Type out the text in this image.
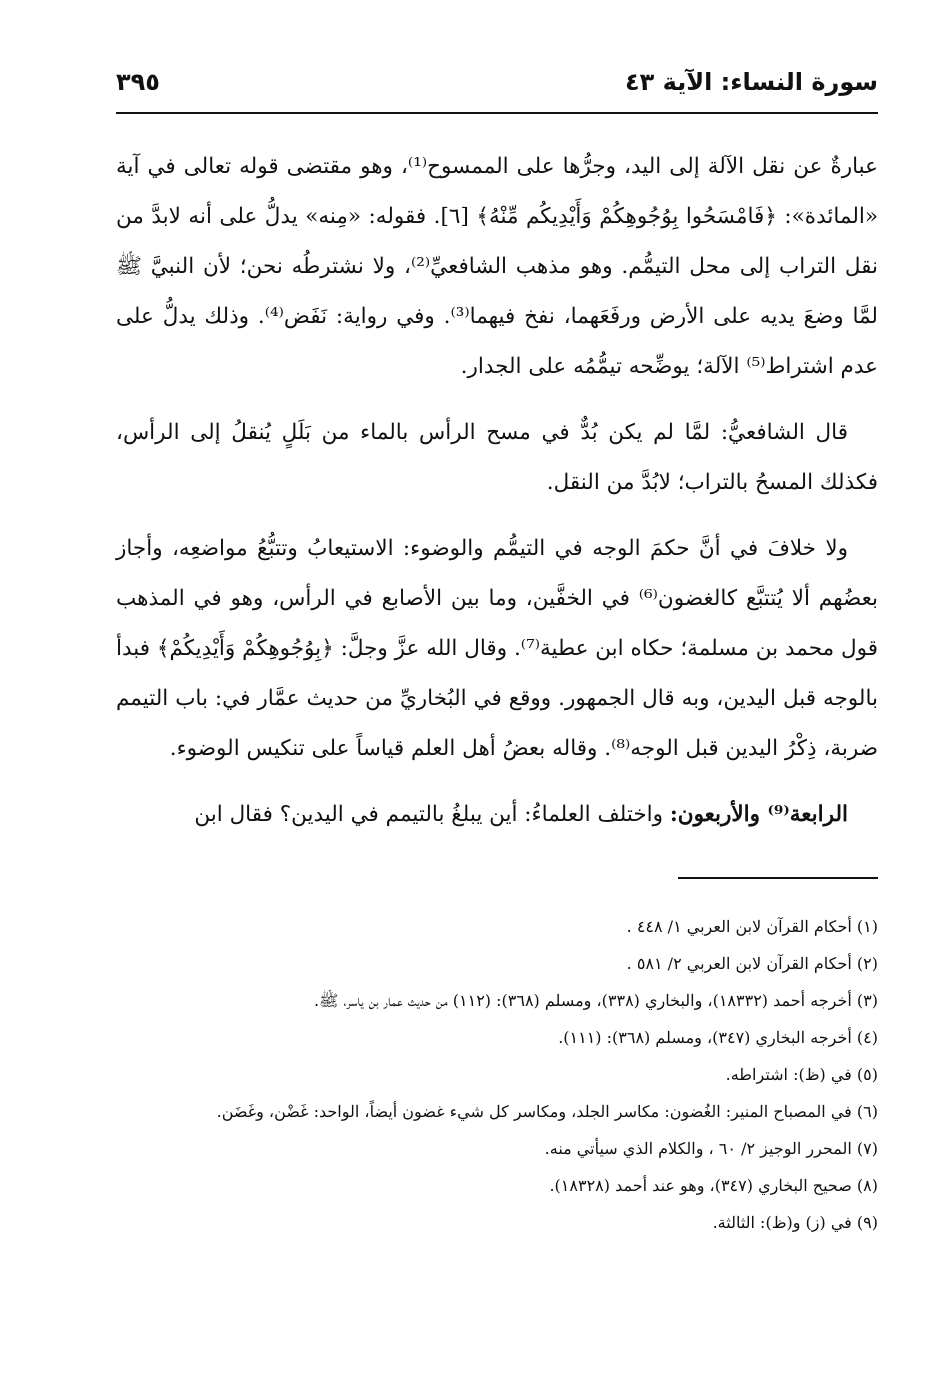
سورة النساء: الآية ٤٣
٣٩٥

عبارةٌ عن نقل الآلة إلى اليد، وجرُّها على الممسوح⁽¹⁾، وهو مقتضى قوله تعالى في آية «المائدة»: ﴿فَامْسَحُوا بِوُجُوهِكُمْ وَأَيْدِيكُم مِّنْهُ﴾ [٦]. فقوله: «مِنه» يدلُّ على أنه لابدَّ من نقل التراب إلى محل التيمُّم. وهو مذهب الشافعيِّ⁽²⁾، ولا نشترطُه نحن؛ لأن النبيَّ ﷺ لمَّا وضعَ يديه على الأرض ورفَعَهما، نفخ فيهما⁽³⁾. وفي رواية: نَفَض⁽⁴⁾. وذلك يدلُّ على عدم اشتراط⁽⁵⁾ الآلة؛ يوضِّحه تيمُّمُه على الجدار.

قال الشافعيُّ: لمَّا لم يكن بُدٌّ في مسح الرأس بالماء من بَلَلٍ يُنقلُ إلى الرأس، فكذلك المسحُ بالتراب؛ لابُدَّ من النقل.

ولا خلافَ في أنَّ حكمَ الوجه في التيمُّم والوضوء: الاستيعابُ وتتبُّعُ مواضعِه، وأجاز بعضُهم ألا يُتتبَّع كالغضون⁽⁶⁾ في الخفَّين، وما بين الأصابع في الرأس، وهو في المذهب قول محمد بن مسلمة؛ حكاه ابن عطية⁽⁷⁾. وقال الله عزَّ وجلَّ: ﴿بِوُجُوهِكُمْ وَأَيْدِيكُمْ﴾ فبدأ بالوجه قبل اليدين، وبه قال الجمهور. ووقع في البُخاريِّ من حديث عمَّار في: باب التيمم ضربة، ذِكْرُ اليدين قبل الوجه⁽⁸⁾. وقاله بعضُ أهل العلم قياساً على تنكيس الوضوء.

الرابعة⁽⁹⁾ والأربعون: واختلف العلماءُ: أين يبلغُ بالتيمم في اليدين؟ فقال ابن

(١) أحكام القرآن لابن العربي ١/ ٤٤٨ .
(٢) أحكام القرآن لابن العربي ٢/ ٥٨١ .
(٣) أخرجه أحمد (١٨٣٣٢)، والبخاري (٣٣٨)، ومسلم (٣٦٨): (١١٢) من حديث عمار بن ياسر، ﷺ.
(٤) أخرجه البخاري (٣٤٧)، ومسلم (٣٦٨): (١١١).
(٥) في (ظ): اشتراطه.
(٦) في المصباح المنير: الغُضون: مكاسر الجلد، ومكاسر كل شيء غضون أيضاً، الواحد: غَضْن، وغَضَن.
(٧) المحرر الوجيز ٢/ ٦٠ ، والكلام الذي سيأتي منه.
(٨) صحيح البخاري (٣٤٧)، وهو عند أحمد (١٨٣٢٨).
(٩) في (ز) و(ظ): الثالثة.
